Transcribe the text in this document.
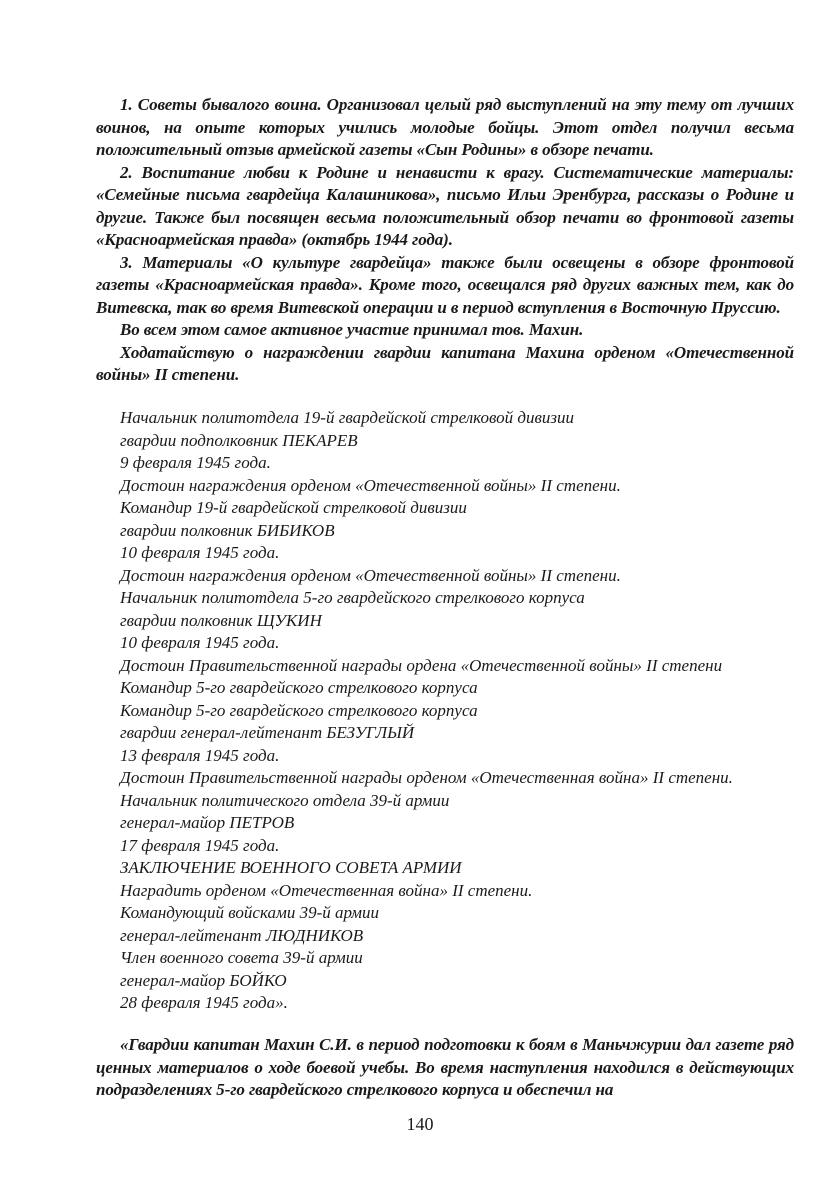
1. Советы бывалого воина. Организовал целый ряд выступлений на эту тему от лучших воинов, на опыте которых учились молодые бойцы. Этот отдел получил весьма положительный отзыв армейской газеты «Сын Родины» в обзоре печати.

2. Воспитание любви к Родине и ненависти к врагу. Систематические материалы: «Семейные письма гвардейца Калашникова», письмо Ильи Эренбурга, рассказы о Родине и другие. Также был посвящен весьма положительный обзор печати во фронтовой газеты «Красноармейская правда» (октябрь 1944 года).

3. Материалы «О культуре гвардейца» также были освещены в обзоре фронтовой газеты «Красноармейская правда». Кроме того, освещался ряд других важных тем, как до Витевска, так во время Витевской операции и в период вступления в Восточную Пруссию.

Во всем этом самое активное участие принимал тов. Махин.

Ходатайствую о награждении гвардии капитана Махина орденом «Отечественной войны» II степени.

Начальник политотдела 19-й гвардейской стрелковой дивизии
гвардии подполковник ПЕКАРЕВ
9 февраля 1945 года.
Достоин награждения орденом «Отечественной войны» II степени.
Командир 19-й гвардейской стрелковой дивизии
гвардии полковник БИБИКОВ
10 февраля 1945 года.
Достоин награждения орденом «Отечественной войны» II степени.
Начальник политотдела 5-го гвардейского стрелкового корпуса
гвардии полковник ЩУКИН
10 февраля 1945 года.
Достоин Правительственной награды ордена «Отечественной войны» II степени
Командир 5-го гвардейского стрелкового корпуса
Командир 5-го гвардейского стрелкового корпуса
гвардии генерал-лейтенант БЕЗУГЛЫЙ
13 февраля 1945 года.
Достоин Правительственной награды орденом «Отечественная война» II степени.
Начальник политического отдела 39-й армии
генерал-майор ПЕТРОВ
17 февраля 1945 года.
ЗАКЛЮЧЕНИЕ ВОЕННОГО СОВЕТА АРМИИ
Наградить орденом «Отечественная война» II степени.
Командующий войсками 39-й армии
генерал-лейтенант ЛЮДНИКОВ
Член военного совета 39-й армии
генерал-майор БОЙКО
28 февраля 1945 года».

«Гвардии капитан Махин С.И. в период подготовки к боям в Маньчжурии дал газете ряд ценных материалов о ходе боевой учебы. Во время наступления находился в действующих подразделениях 5-го гвардейского стрелкового корпуса и обеспечил на

140
